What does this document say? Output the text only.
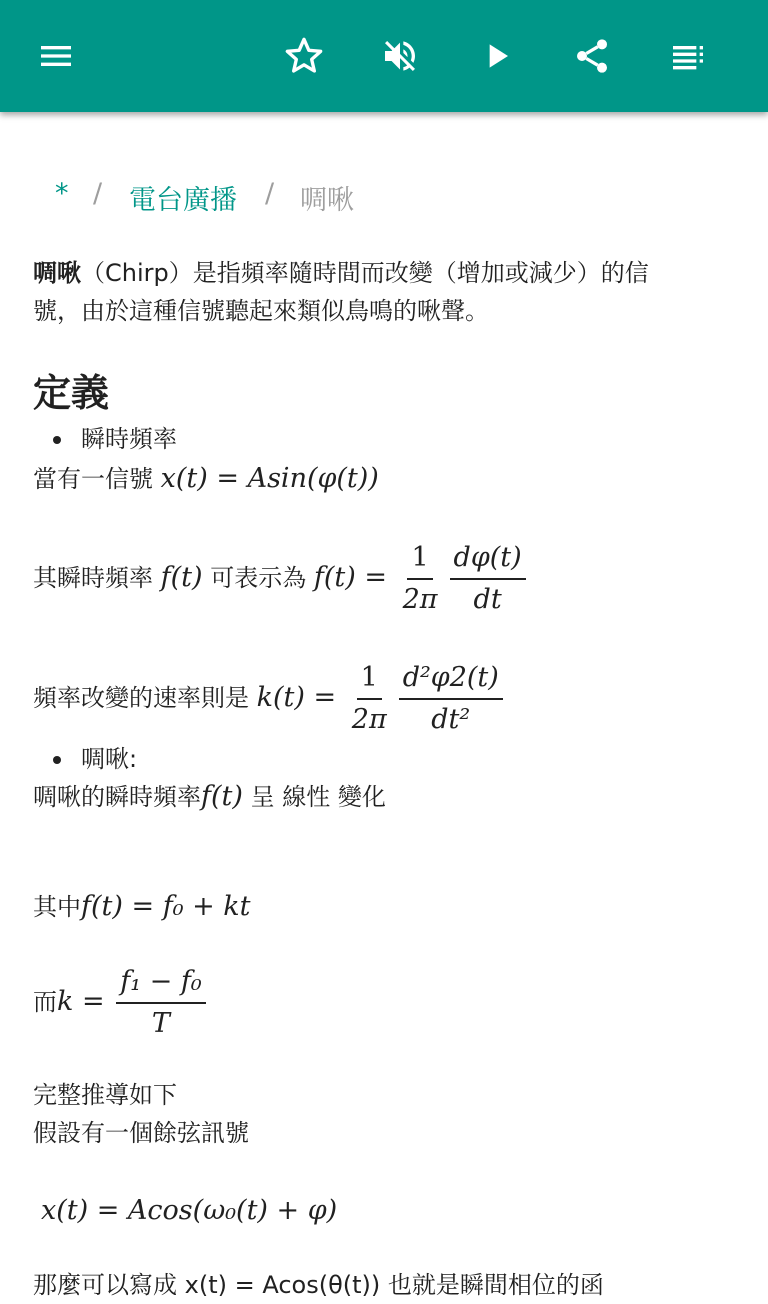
* / 電台廣播 / 啁啾
啁啾（Chirp）是指頻率隨時間而改變（增加或減少）的信
號，由於這種信號聽起來類似鳥鳴的啾聲。
定義
瞬時頻率
當有一信號 x(t) = Asin(φ(t))
其瞬時頻率 f(t) 可表示為 $f(t) = \frac{1}{2\pi} \frac{d\varphi(t)}{dt}$
頻率改變的速率則是 $k(t) = \frac{1}{2\pi} \frac{\text{d²φ2(t)}}{\text{dt²}}$
啁啾:
啁啾的瞬時頻率f(t) 呈 線性 變化
其中f(t) = f₀ + kt
而$k = \frac{\text{f₁ − f₀}}{T}$
完整推導如下
假設有一個餘弦訊號
x(t) = Acos(ω₀(t) + φ)
那麼可以寫成 x(t) = Acos(θ(t)) 也就是瞬間相位的函
